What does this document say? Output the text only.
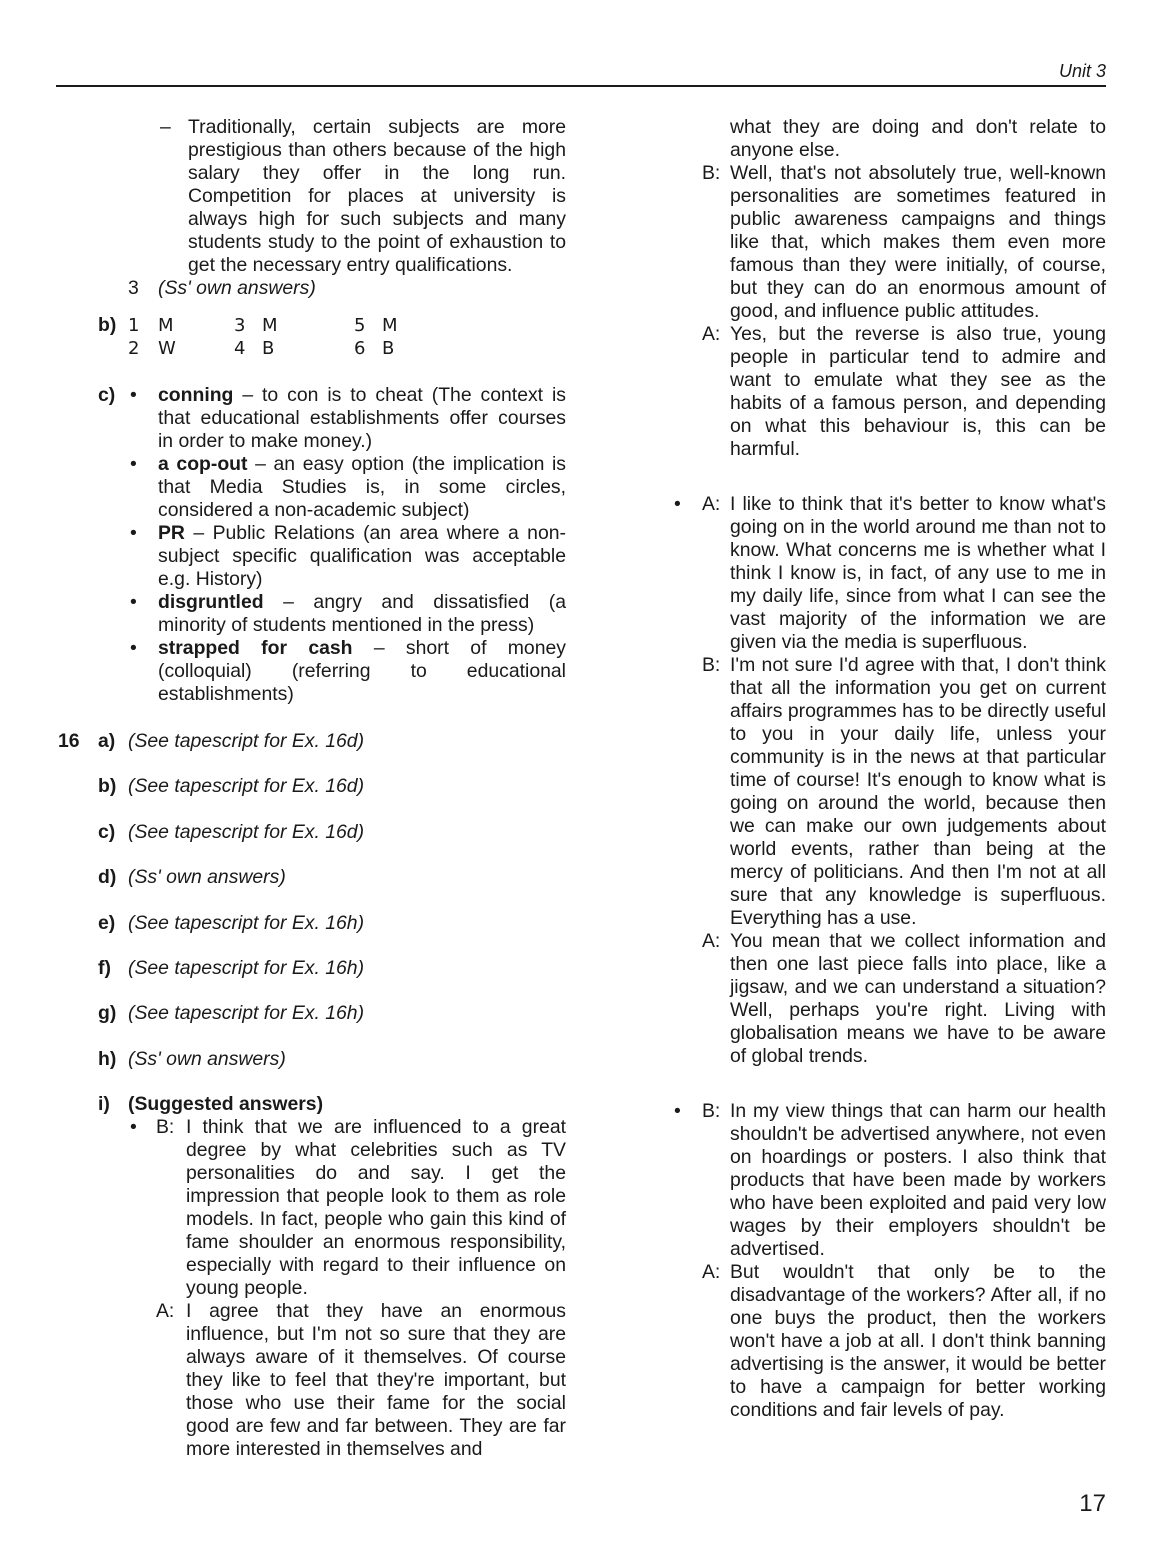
Unit 3
– Traditionally, certain subjects are more prestigious than others because of the high salary they offer in the long run. Competition for places at university is always high for such subjects and many students study to the point of exhaustion to get the necessary entry qualifications.
3 (Ss' own answers)
b) 1 M	3 M	5 M
2 W	4 B	6 B
c) • conning – to con is to cheat (The context is that educational establishments offer courses in order to make money.)
• a cop-out – an easy option (the implication is that Media Studies is, in some circles, considered a non-academic subject)
• PR – Public Relations (an area where a non-subject specific qualification was acceptable e.g. History)
• disgruntled – angry and dissatisfied (a minority of students mentioned in the press)
• strapped for cash – short of money (colloquial) (referring to educational establishments)
16 a) (See tapescript for Ex. 16d)
b) (See tapescript for Ex. 16d)
c) (See tapescript for Ex. 16d)
d) (Ss' own answers)
e) (See tapescript for Ex. 16h)
f) (See tapescript for Ex. 16h)
g) (See tapescript for Ex. 16h)
h) (Ss' own answers)
i) (Suggested answers)
• B: I think that we are influenced to a great degree by what celebrities such as TV personalities do and say. I get the impression that people look to them as role models. In fact, people who gain this kind of fame shoulder an enormous responsibility, especially with regard to their influence on young people.
A: I agree that they have an enormous influence, but I'm not so sure that they are always aware of it themselves. Of course they like to feel that they're important, but those who use their fame for the social good are few and far between. They are far more interested in themselves and
what they are doing and don't relate to anyone else.
B: Well, that's not absolutely true, well-known personalities are sometimes featured in public awareness campaigns and things like that, which makes them even more famous than they were initially, of course, but they can do an enormous amount of good, and influence public attitudes.
A: Yes, but the reverse is also true, young people in particular tend to admire and want to emulate what they see as the habits of a famous person, and depending on what this behaviour is, this can be harmful.
• A: I like to think that it's better to know what's going on in the world around me than not to know. What concerns me is whether what I think I know is, in fact, of any use to me in my daily life, since from what I can see the vast majority of the information we are given via the media is superfluous.
B: I'm not sure I'd agree with that, I don't think that all the information you get on current affairs programmes has to be directly useful to you in your daily life, unless your community is in the news at that particular time of course! It's enough to know what is going on around the world, because then we can make our own judgements about world events, rather than being at the mercy of politicians. And then I'm not at all sure that any knowledge is superfluous. Everything has a use.
A: You mean that we collect information and then one last piece falls into place, like a jigsaw, and we can understand a situation? Well, perhaps you're right. Living with globalisation means we have to be aware of global trends.
• B: In my view things that can harm our health shouldn't be advertised anywhere, not even on hoardings or posters. I also think that products that have been made by workers who have been exploited and paid very low wages by their employers shouldn't be advertised.
A: But wouldn't that only be to the disadvantage of the workers? After all, if no one buys the product, then the workers won't have a job at all. I don't think banning advertising is the answer, it would be better to have a campaign for better working conditions and fair levels of pay.
17
